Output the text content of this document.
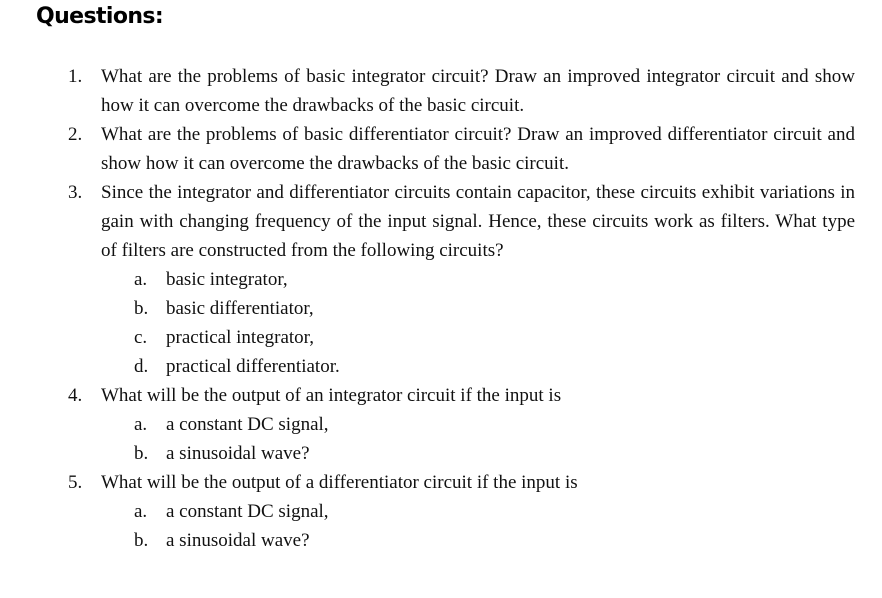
Questions:
1. What are the problems of basic integrator circuit? Draw an improved integrator circuit and show how it can overcome the drawbacks of the basic circuit.
2. What are the problems of basic differentiator circuit? Draw an improved differentiator circuit and show how it can overcome the drawbacks of the basic circuit.
3. Since the integrator and differentiator circuits contain capacitor, these circuits exhibit variations in gain with changing frequency of the input signal. Hence, these circuits work as filters. What type of filters are constructed from the following circuits?
a. basic integrator,
b. basic differentiator,
c. practical integrator,
d. practical differentiator.
4. What will be the output of an integrator circuit if the input is
a. a constant DC signal,
b. a sinusoidal wave?
5. What will be the output of a differentiator circuit if the input is
a. a constant DC signal,
b. a sinusoidal wave?
